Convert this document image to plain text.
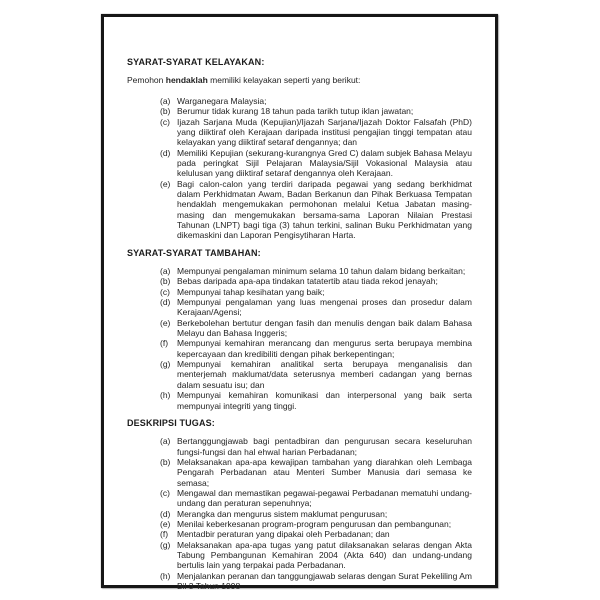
SYARAT-SYARAT KELAYAKAN:

Pemohon hendaklah memiliki kelayakan seperti yang berikut:

(a) Warganegara Malaysia;
(b) Berumur tidak kurang 18 tahun pada tarikh tutup iklan jawatan;
(c) Ijazah Sarjana Muda (Kepujian)/Ijazah Sarjana/Ijazah Doktor Falsafah (PhD) yang diiktiraf oleh Kerajaan daripada institusi pengajian tinggi tempatan atau kelayakan yang diiktiraf setaraf dengannya; dan
(d) Memiliki Kepujian (sekurang-kurangnya Gred C) dalam subjek Bahasa Melayu pada peringkat Sijil Pelajaran Malaysia/Sijil Vokasional Malaysia atau kelulusan yang diiktiraf setaraf dengannya oleh Kerajaan.
(e) Bagi calon-calon yang terdiri daripada pegawai yang sedang berkhidmat dalam Perkhidmatan Awam, Badan Berkanun dan Pihak Berkuasa Tempatan hendaklah mengemukakan permohonan melalui Ketua Jabatan masing-masing dan mengemukakan bersama-sama Laporan Nilaian Prestasi Tahunan (LNPT) bagi tiga (3) tahun terkini, salinan Buku Perkhidmatan yang dikemaskini dan Laporan Pengisytiharan Harta.
SYARAT-SYARAT TAMBAHAN:
(a) Mempunyai pengalaman minimum selama 10 tahun dalam bidang berkaitan;
(b) Bebas daripada apa-apa tindakan tatatertib atau tiada rekod jenayah;
(c) Mempunyai tahap kesihatan yang baik;
(d) Mempunyai pengalaman yang luas mengenai proses dan prosedur dalam Kerajaan/Agensi;
(e) Berkebolehan bertutur dengan fasih dan menulis dengan baik dalam Bahasa Melayu dan Bahasa Inggeris;
(f)	Mempunyai kemahiran merancang dan mengurus serta berupaya membina kepercayaan dan kredibiliti dengan pihak berkepentingan;
(g) Mempunyai kemahiran analitikal serta berupaya menganalisis dan menterjemah maklumat/data seterusnya memberi cadangan yang bernas dalam sesuatu isu; dan
(h) Mempunyai kemahiran komunikasi dan interpersonal yang baik serta mempunyai integriti yang tinggi.
DESKRIPSI TUGAS:
(a) Bertanggungjawab bagi pentadbiran dan pengurusan secara keseluruhan fungsi-fungsi dan hal ehwal harian Perbadanan;
(b) Melaksanakan apa-apa kewajipan tambahan yang diarahkan oleh Lembaga Pengarah Perbadanan atau Menteri Sumber Manusia dari semasa ke semasa;
(c) Mengawal dan memastikan pegawai-pegawai Perbadanan mematuhi undang-undang dan peraturan sepenuhnya;
(d) Merangka dan mengurus sistem maklumat pengurusan;
(e) Menilai keberkesanan program-program pengurusan dan pembangunan;
(f)	Mentadbir peraturan yang dipakai oleh Perbadanan; dan
(g) Melaksanakan apa-apa tugas yang patut dilaksanakan selaras dengan Akta Tabung Pembangunan Kemahiran 2004 (Akta 640) dan undang-undang bertulis lain yang terpakai pada Perbadanan.
(h) Menjalankan peranan dan tanggungjawab selaras dengan Surat Pekeliling Am Bil 3 Tahun 1998
